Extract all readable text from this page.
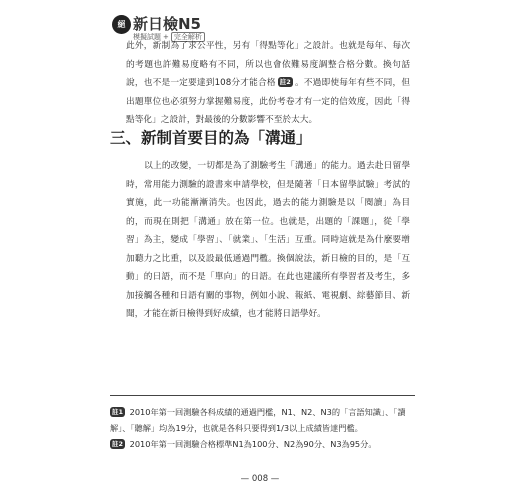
絕 新日檢N5
模擬試題 + 完全解析

此外，新制為了求公平性，另有「得點等化」之設計。也就是每年、每次的考題也許難易度略有不同，所以也會依難易度調整合格分數。換句話說，也不是一定要達到108分才能合格 註2 。不過即使每年有些不同，但出題單位也必須努力掌握難易度，此份考卷才有一定的信效度，因此「得點等化」之設計，對最後的分數影響不至於太大。

三、新制首要目的為「溝通」

以上的改變，一切都是為了測驗考生「溝通」的能力。過去赴日留學時，常用能力測驗的證書來申請學校，但是隨著「日本留學試驗」考試的實施，此一功能漸漸消失。也因此，過去的能力測驗是以「閱讀」為目的，而現在則把「溝通」放在第一位。也就是，出題的「課題」，從「學習」為主，變成「學習」、「就業」、「生活」互重。同時這就是為什麼要增加聽力之比重，以及設最低通過門檻。換個說法，新日檢的目的，是「互動」的日語，而不是「單向」的日語。在此也建議所有學習者及考生，多加接觸各種和日語有關的事物，例如小說、報紙、電視劇、綜藝節目、新聞，才能在新日檢得到好成績，也才能將日語學好。

註1 2010年第一回測驗各科成績的通過門檻，N1、N2、N3的「言語知識」、「讀解」、「聽解」均為19分，也就是各科只要得到1/3以上成績皆達門檻。

註2 2010年第一回測驗合格標準N1為100分、N2為90分、N3為95分。

— 008 —
